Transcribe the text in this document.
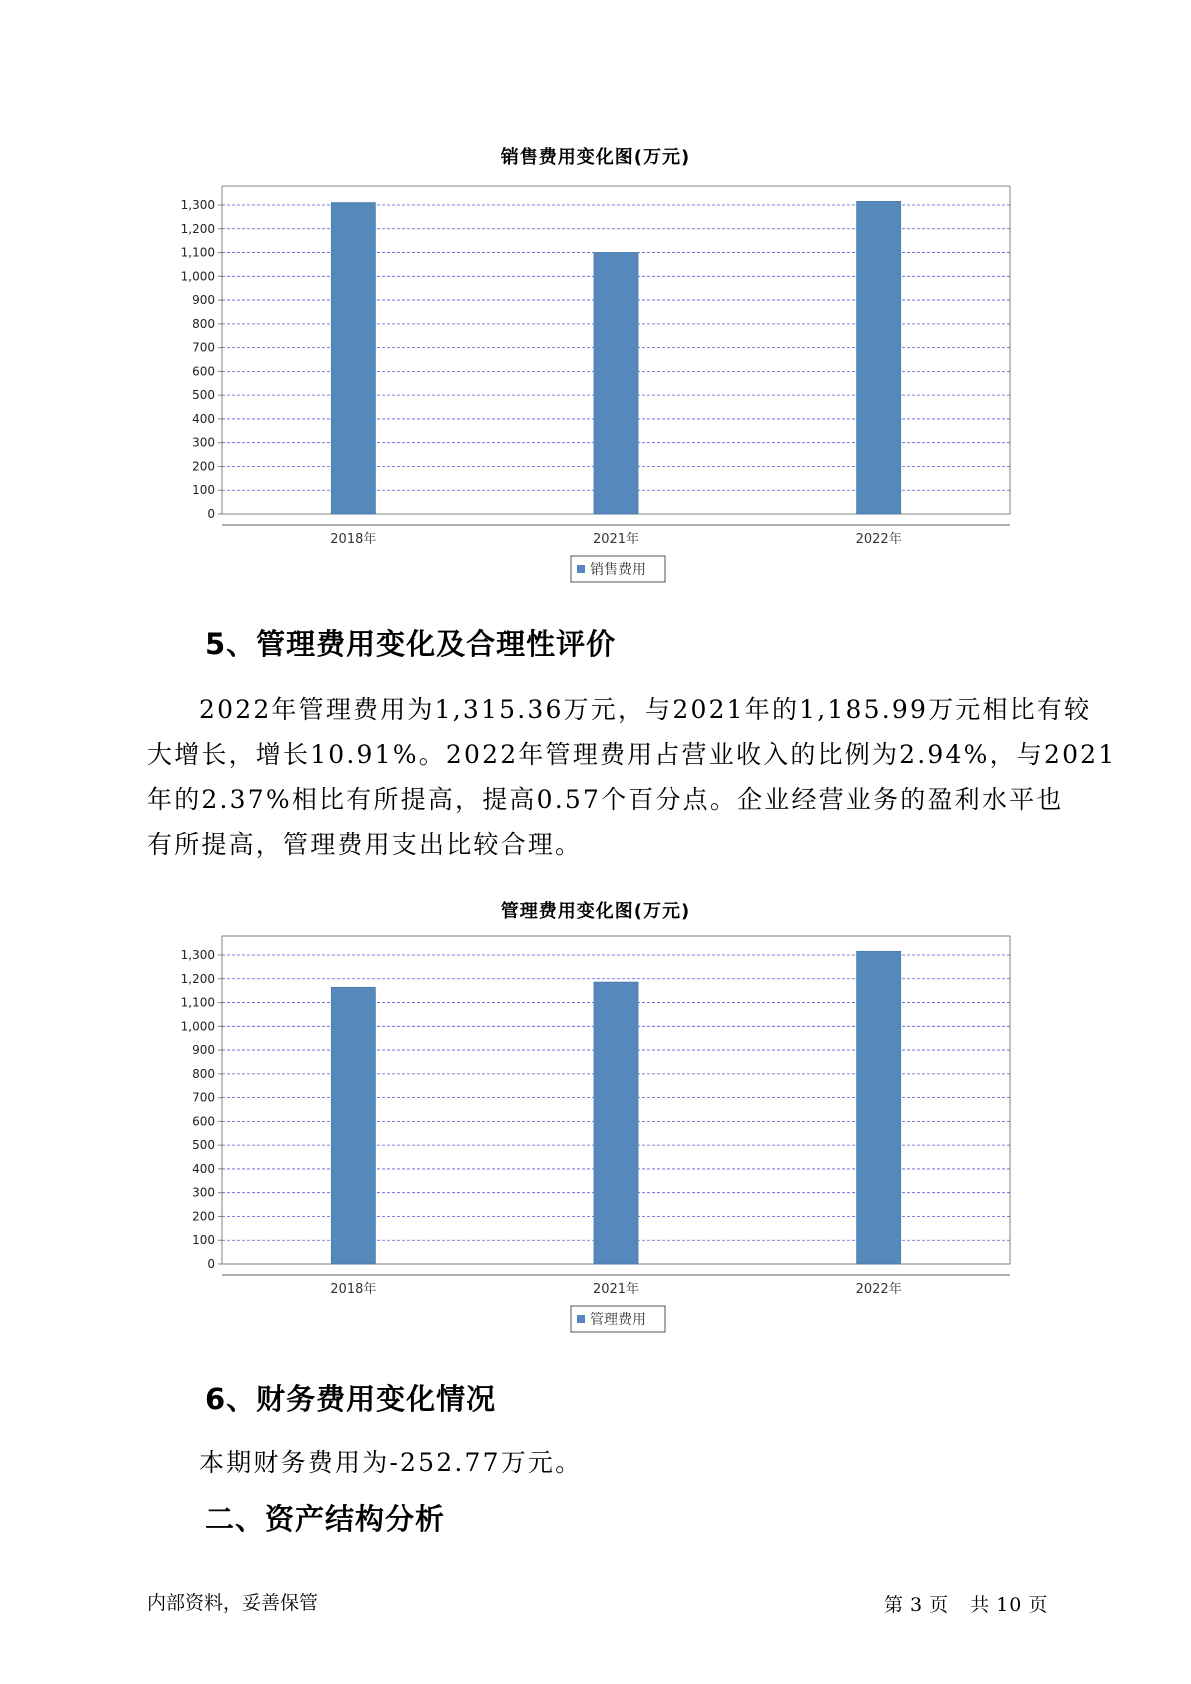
销售费用变化图(万元)
0
100
200
300
400
500
600
700
800
900
1,000
1,100
1,200
1,300
2018年	2021年	2022年
销售费用
5、管理费用变化及合理性评价

2022年管理费用为1,315.36万元，与2021年的1,185.99万元相比有较
大增长，增长10.91%。2022年管理费用占营业收入的比例为2.94%，与2021
年的2.37%相比有所提高，提高0.57个百分点。企业经营业务的盈利水平也
有所提高，管理费用支出比较合理。

管理费用变化图(万元)
0
100
200
300
400
500
600
700
800
900
1,000
1,100
1,200
1,300
2018年	2021年	2022年
管理费用
6、财务费用变化情况

本期财务费用为-252.77万元。

二、资产结构分析
内部资料，妥善保管	第 3 页 共 10 页
